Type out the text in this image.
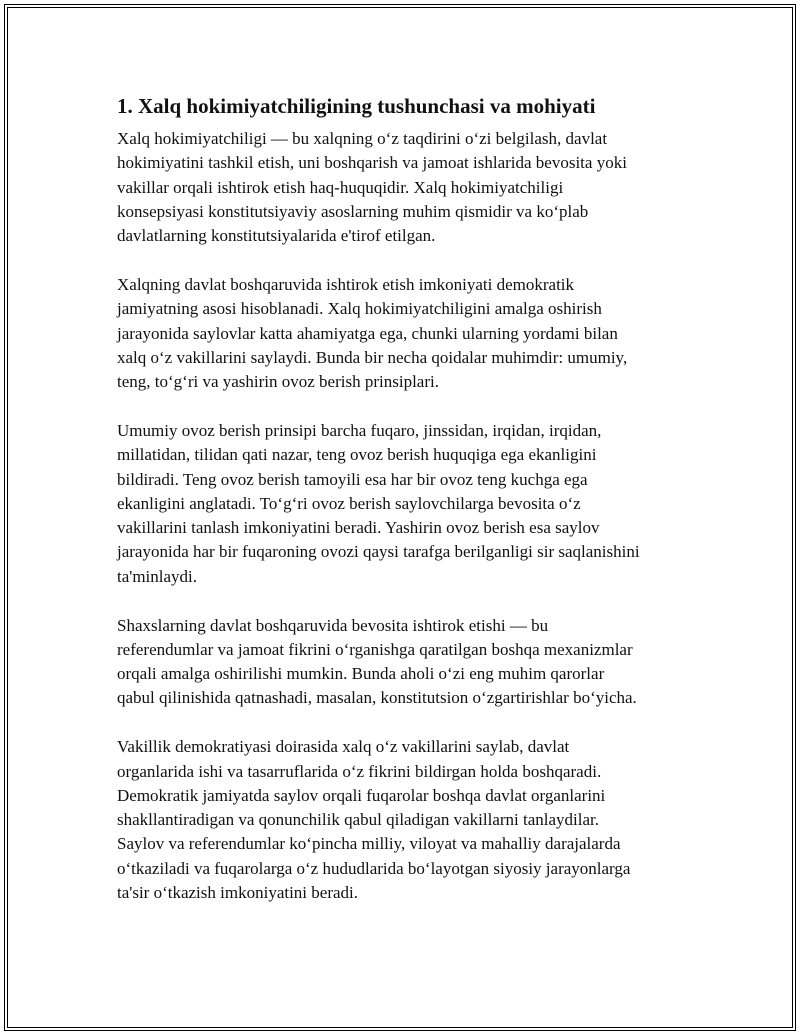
1. Xalq hokimiyatchiligining tushunchasi va mohiyati

Xalq hokimiyatchiligi — bu xalqning o‘z taqdirini o‘zi belgilash, davlat
hokimiyatini tashkil etish, uni boshqarish va jamoat ishlarida bevosita yoki
vakillar orqali ishtirok etish haq-huquqidir. Xalq hokimiyatchiligi
konsepsiyasi konstitutsiyaviy asoslarning muhim qismidir va ko‘plab
davlatlarning konstitutsiyalarida e'tirof etilgan.

Xalqning davlat boshqaruvida ishtirok etish imkoniyati demokratik
jamiyatning asosi hisoblanadi. Xalq hokimiyatchiligini amalga oshirish
jarayonida saylovlar katta ahamiyatga ega, chunki ularning yordami bilan
xalq o‘z vakillarini saylaydi. Bunda bir necha qoidalar muhimdir: umumiy,
teng, to‘g‘ri va yashirin ovoz berish prinsiplari.

Umumiy ovoz berish prinsipi barcha fuqaro, jinssidan, irqidan, irqidan,
millatidan, tilidan qati nazar, teng ovoz berish huquqiga ega ekanligini
bildiradi. Teng ovoz berish tamoyili esa har bir ovoz teng kuchga ega
ekanligini anglatadi. To‘g‘ri ovoz berish saylovchilarga bevosita o‘z
vakillarini tanlash imkoniyatini beradi. Yashirin ovoz berish esa saylov
jarayonida har bir fuqaroning ovozi qaysi tarafga berilganligi sir saqlanishini
ta'minlaydi.

Shaxslarning davlat boshqaruvida bevosita ishtirok etishi — bu
referendumlar va jamoat fikrini o‘rganishga qaratilgan boshqa mexanizmlar
orqali amalga oshirilishi mumkin. Bunda aholi o‘zi eng muhim qarorlar
qabul qilinishida qatnashadi, masalan, konstitutsion o‘zgartirishlar bo‘yicha.

Vakillik demokratiyasi doirasida xalq o‘z vakillarini saylab, davlat
organlarida ishi va tasarruflarida o‘z fikrini bildirgan holda boshqaradi.
Demokratik jamiyatda saylov orqali fuqarolar boshqa davlat organlarini
shakllantiradigan va qonunchilik qabul qiladigan vakillarni tanlaydilar.
Saylov va referendumlar ko‘pincha milliy, viloyat va mahalliy darajalarda
o‘tkaziladi va fuqarolarga o‘z hududlarida bo‘layotgan siyosiy jarayonlarga
ta'sir o‘tkazish imkoniyatini beradi.
